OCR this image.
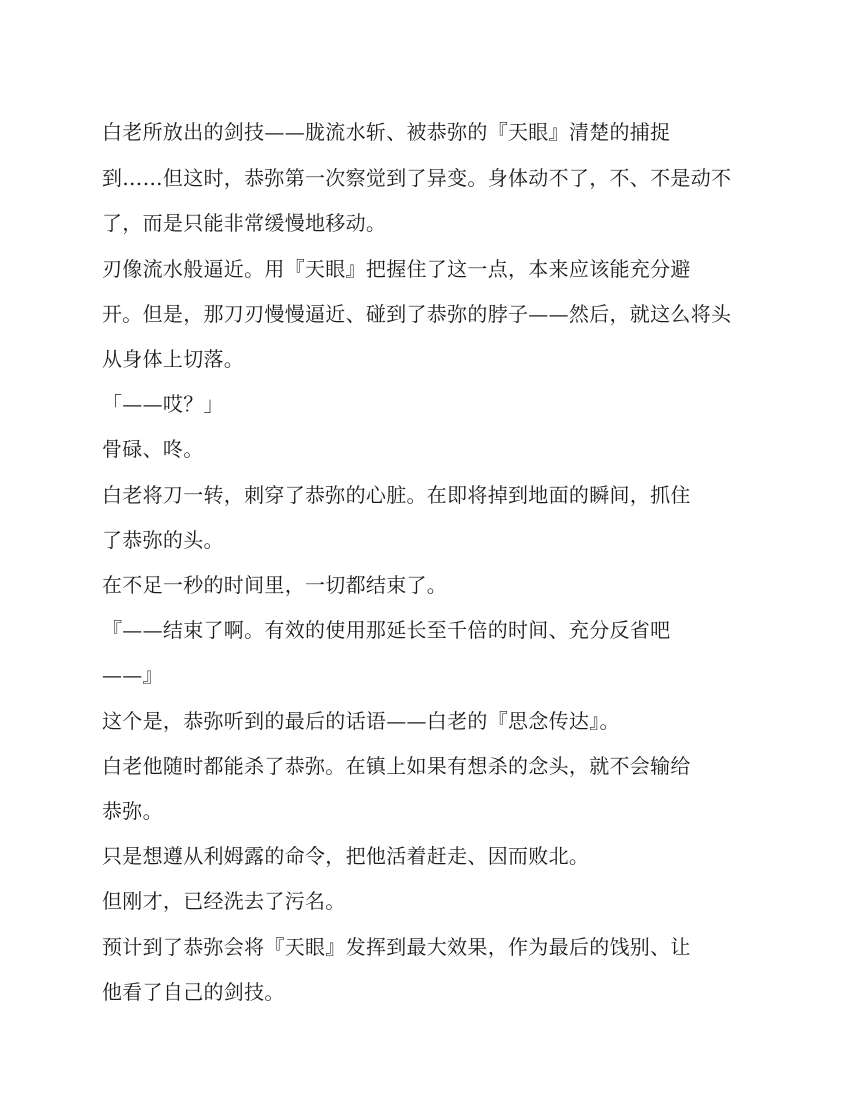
白老所放出的剑技——胧流水斩、被恭弥的『天眼』清楚的捕捉
到……但这时，恭弥第一次察觉到了异变。身体动不了，不、不是动不
了，而是只能非常缓慢地移动。
刃像流水般逼近。用『天眼』把握住了这一点，本来应该能充分避
开。但是，那刀刃慢慢逼近、碰到了恭弥的脖子——然后，就这么将头
从身体上切落。
「——哎？」
骨碌、咚。
白老将刀一转，刺穿了恭弥的心脏。在即将掉到地面的瞬间，抓住
了恭弥的头。
在不足一秒的时间里，一切都结束了。
『——结束了啊。有效的使用那延长至千倍的时间、充分反省吧
——』
这个是，恭弥听到的最后的话语——白老的『思念传达』。
白老他随时都能杀了恭弥。在镇上如果有想杀的念头，就不会输给
恭弥。
只是想遵从利姆露的命令，把他活着赶走、因而败北。
但刚才，已经洗去了污名。
预计到了恭弥会将『天眼』发挥到最大效果，作为最后的饯别、让
他看了自己的剑技。
